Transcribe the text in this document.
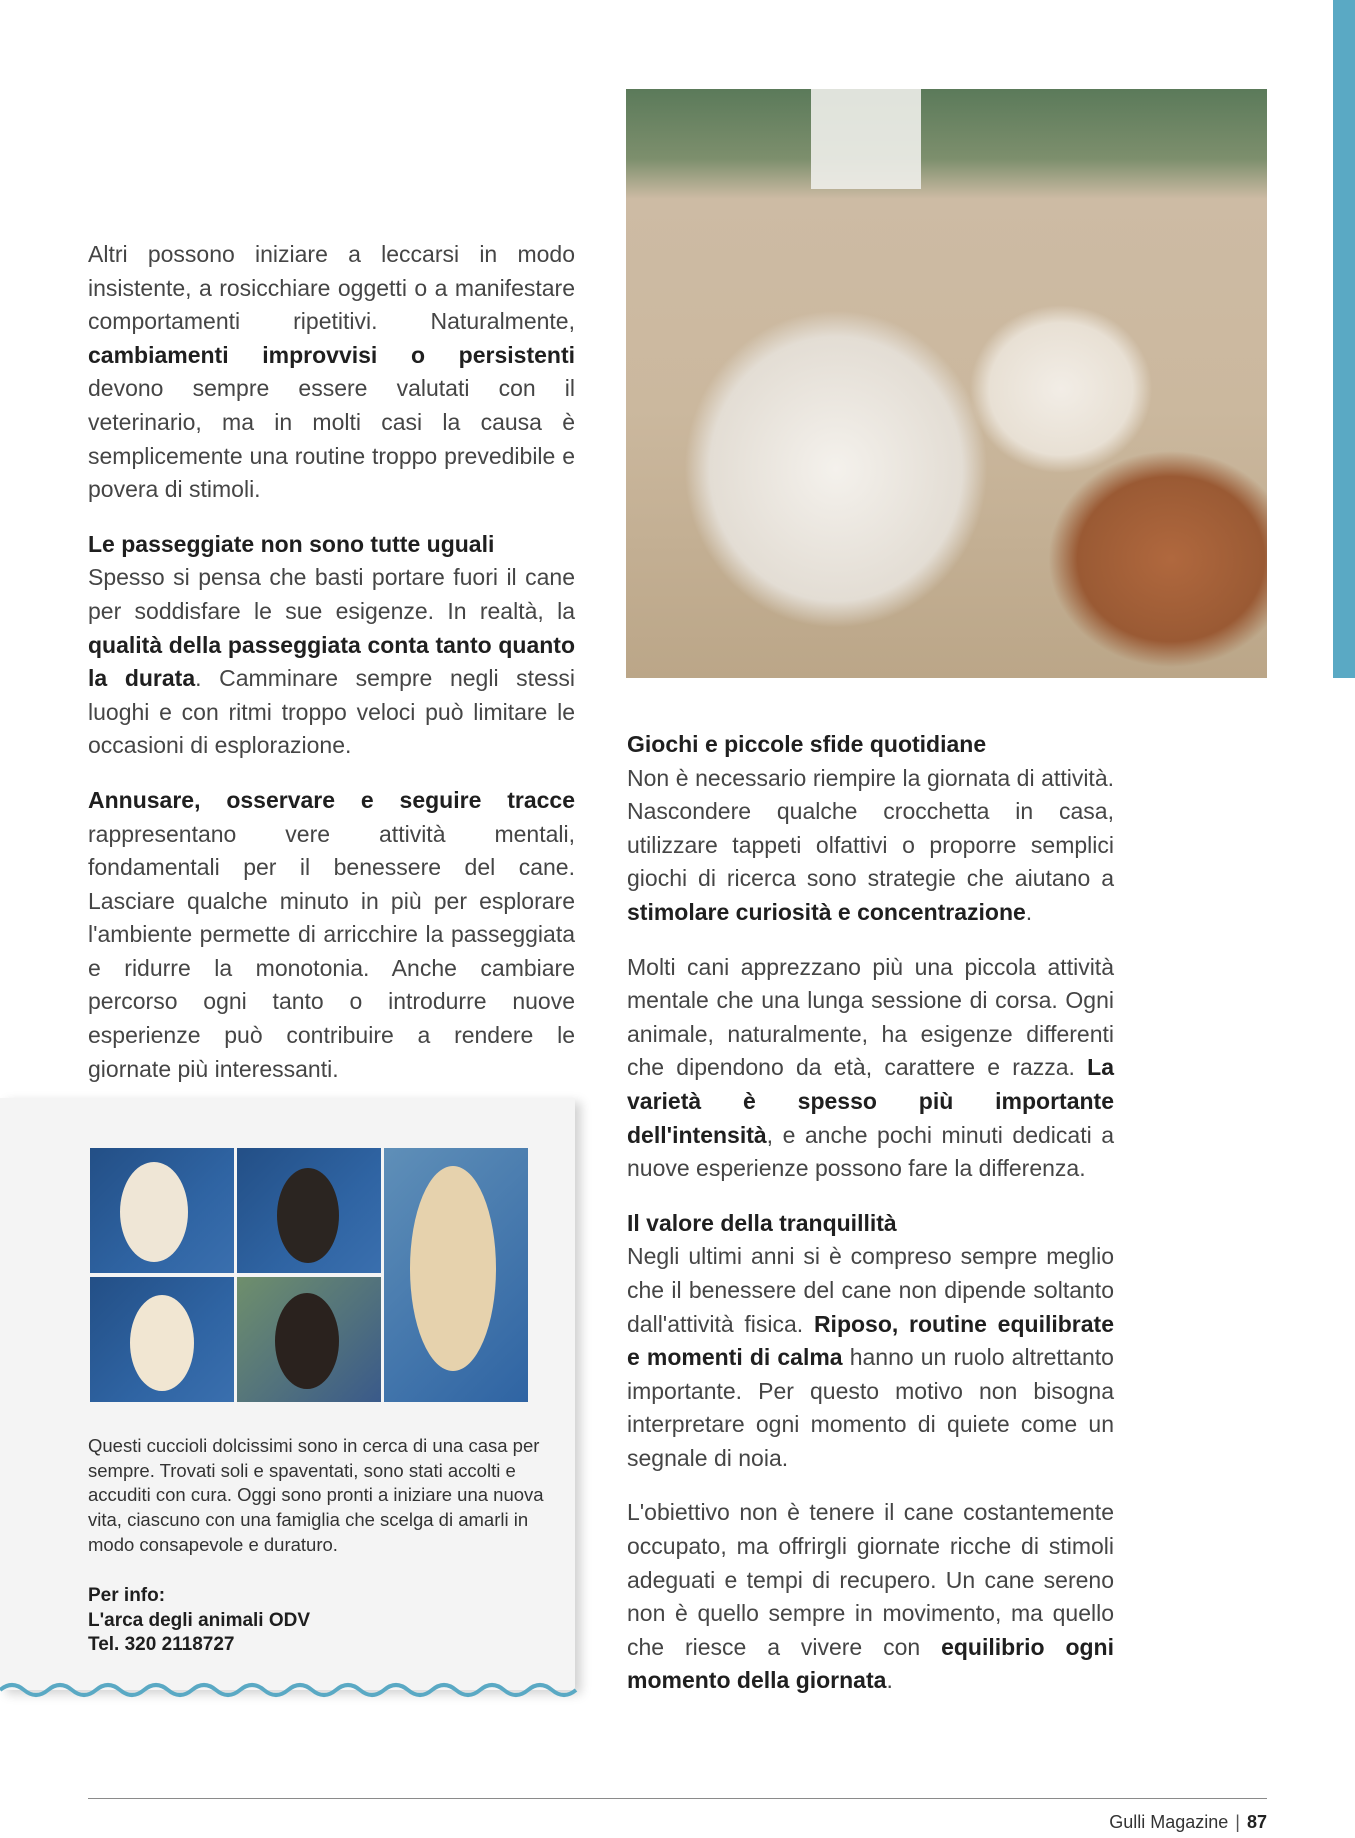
Altri possono iniziare a leccarsi in modo insistente, a rosicchiare oggetti o a manifestare comportamenti ripetitivi. Naturalmente, cambiamenti improvvisi o persistenti devono sempre essere valutati con il veterinario, ma in molti casi la causa è semplicemente una routine troppo prevedibile e povera di stimoli.

Le passeggiate non sono tutte uguali

Spesso si pensa che basti portare fuori il cane per soddisfare le sue esigenze. In realtà, la qualità della passeggiata conta tanto quanto la durata. Camminare sempre negli stessi luoghi e con ritmi troppo veloci può limitare le occasioni di esplorazione.

Annusare, osservare e seguire tracce rappresentano vere attività mentali, fondamentali per il benessere del cane. Lasciare qualche minuto in più per esplorare l'ambiente permette di arricchire la passeggiata e ridurre la monotonia. Anche cambiare percorso ogni tanto o introdurre nuove esperienze può contribuire a rendere le giornate più interessanti.

Giochi e piccole sfide quotidiane

Non è necessario riempire la giornata di attività. Nascondere qualche crocchetta in casa, utilizzare tappeti olfattivi o proporre semplici giochi di ricerca sono strategie che aiutano a stimolare curiosità e concentrazione.

Molti cani apprezzano più una piccola attività mentale che una lunga sessione di corsa. Ogni animale, naturalmente, ha esigenze differenti che dipendono da età, carattere e razza. La varietà è spesso più importante dell'intensità, e anche pochi minuti dedicati a nuove esperienze possono fare la differenza.

Il valore della tranquillità

Negli ultimi anni si è compreso sempre meglio che il benessere del cane non dipende soltanto dall'attività fisica. Riposo, routine equilibrate e momenti di calma hanno un ruolo altrettanto importante. Per questo motivo non bisogna interpretare ogni momento di quiete come un segnale di noia.

L'obiettivo non è tenere il cane costantemente occupato, ma offrirgli giornate ricche di stimoli adeguati e tempi di recupero. Un cane sereno non è quello sempre in movimento, ma quello che riesce a vivere con equilibrio ogni momento della giornata.

Questi cuccioli dolcissimi sono in cerca di una casa per sempre. Trovati soli e spaventati, sono stati accolti e accuditi con cura. Oggi sono pronti a iniziare una nuova vita, ciascuno con una famiglia che scelga di amarli in modo consapevole e duraturo.

Per info:
L'arca degli animali ODV
Tel. 320 2118727
Gulli Magazine | 87
